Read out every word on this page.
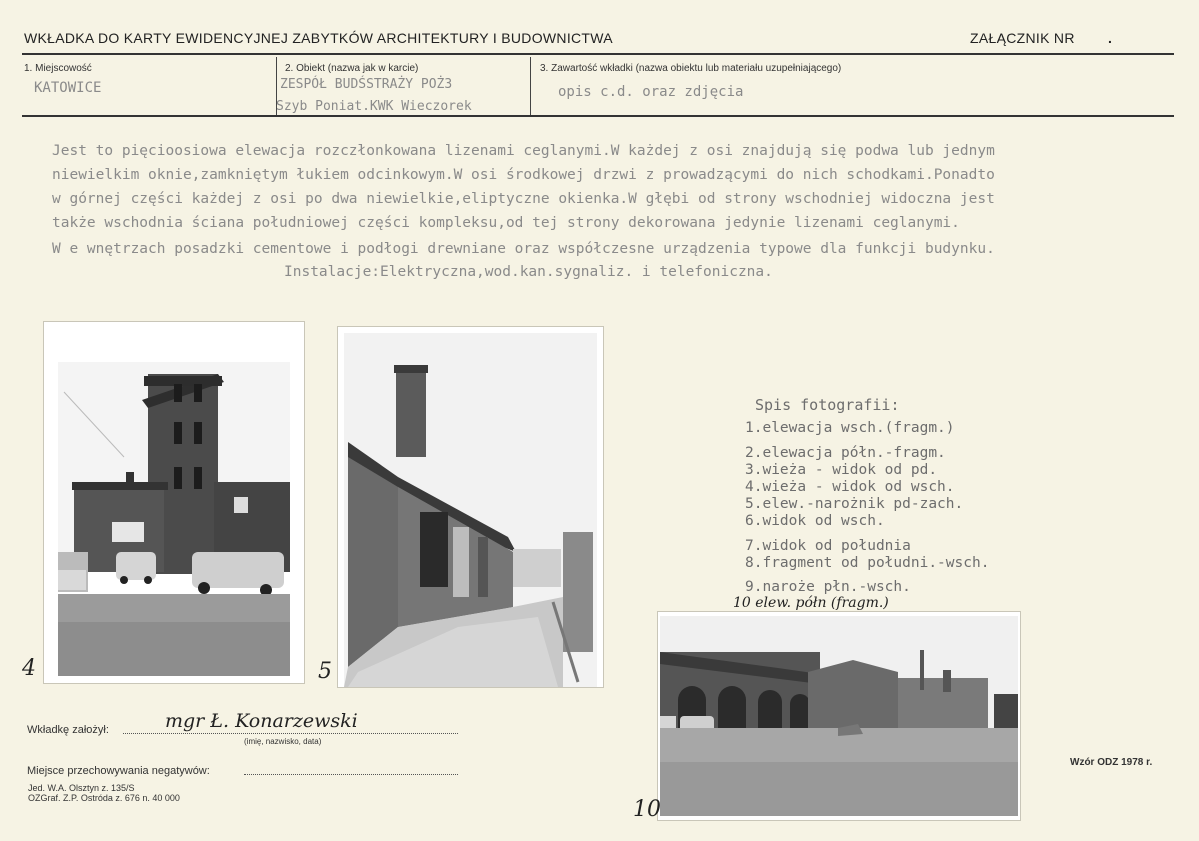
WKŁADKA DO KARTY EWIDENCYJNEJ ZABYTKÓW ARCHITEKTURY I BUDOWNICTWA	ZAŁĄCZNIK NR .
1. Miejscowość
KATOWICE
2. Obiekt (nazwa jak w karcie)
ZESPÓŁ BUDŚSTRAŻY POŻ3
Szyb Poniat.KWK Wieczorek
3. Zawartość wkładki (nazwa obiektu lub materiału uzupełniającego)
opis c.d. oraz zdjęcia
Jest to pięcioosiowa elewacja rozczłonkowana lizenami ceglanymi.W każdej z osi znajdują się podwa lub jednym
niewielkim oknie,zamkniętym łukiem odcinkowym.W osi środkowej drzwi z prowadzącymi do nich schodkami.Ponadto
w górnej części każdej z osi po dwa niewielkie,eliptyczne okienka.W głębi od strony wschodniej widoczna jest
także wschodnia ściana południowej części kompleksu,od tej strony dekorowana jedynie lizenami ceglanymi.
W e wnętrzach posadzki cementowe i podłogi drewniane oraz współczesne urządzenia typowe dla funkcji budynku.
Instalacje:Elektryczna,wod.kan.sygnaliz. i telefoniczna.
4	5
Spis fotografii:
1.elewacja wsch.(fragm.)
2.elewacja półn.-fragm.
3.wieża - widok od pd.
4.wieża - widok od wsch.
5.elew.-narożnik pd-zach.
6.widok od wsch.
7.widok od południa
8.fragment od południ.-wsch.
9.naroże płn.-wsch.
10 elew. półn (fragm.)
10
Wkładkę założył:	mgr Ł. Konarzewski
(imię, nazwisko, data)
Miejsce przechowywania negatywów:
Jed. W.A. Olsztyn z. 135/S
OZGraf. Z.P. Ostróda z. 676 n. 40 000
Wzór ODZ 1978 r.
